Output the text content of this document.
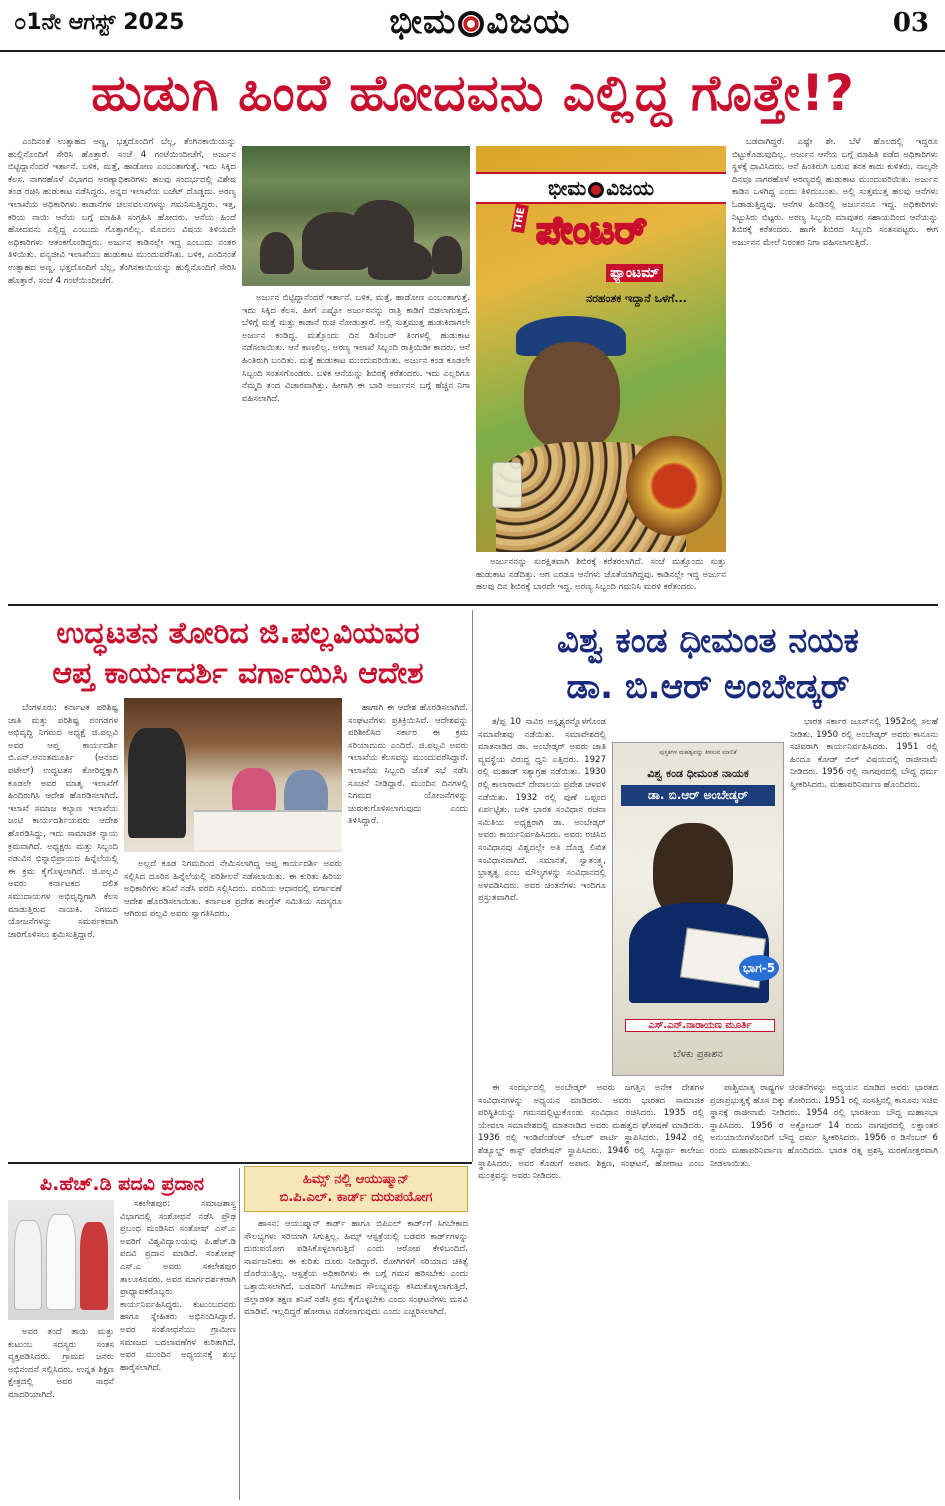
೦1ನೇ ಆಗಸ್ಟ್ 2025	ಭೀಮ ವಿಜಯ	03
ಹುಡುಗಿ ಹಿಂದೆ ಹೋದವನು ಎಲ್ಲಿದ್ದ ಗೊತ್ತೇ!?

ಎಂದಿನಂತೆ ಉತ್ಸಾಹದ ಅಣ್ಣ, ಭತ್ತದೊಂದಿಗೆ ಬೆಲ್ಲ, ತೆಂಗಿನಕಾಯಿಯನ್ನು ಹುಲ್ಲಿನೊಂದಿಗೆ ಸೇರಿಸಿ ಹೊತ್ತಾರೆ. ಸಂಜೆ 4 ಗಂಟೆಯಿಂದೀಚೆಗೆ, ಅರ್ಜುನ ಬಿಟ್ಟಿದ್ದಾನೆಂದರೆ ಇರ್ತಾನೆ. ಬಳಿಕ, ಮತ್ತೆ, ಹಾಡೋಣ ಎಂಬಂತಾಗುತ್ತೆ. ಇದು ಸಿಕ್ಕಿದ ಕೆಲಸ. ನಾಗರಹೊಳೆ ವಿಭಾಗದ ಅರಣ್ಯಾಧಿಕಾರಿಗಳು ಹಲವು ಸಂದರ್ಭದಲ್ಲಿ ವಿಶೇಷ ತಂಡ ರಚಿಸಿ ಹುಡುಕಾಟ ನಡೆಸಿದ್ದರು. ಅನ್ನದ ಇಲಾಖೆಯ ಬಜೆಟ್ ದೊಡ್ಡದು. ಅರಣ್ಯ ಇಲಾಖೆಯ ಅಧಿಕಾರಿಗಳು ಕಾಡಾನೆಗಳ ಚಲನವಲನಗಳನ್ನು ಗಮನಿಸುತ್ತಿದ್ದರು. ಇತ್ತ, ಕರಿಯ ನಾಯಿ ಆನೆಯ ಬಗ್ಗೆ ಮಾಹಿತಿ ಸಂಗ್ರಹಿಸಿ ಹೋದರು. ಆನೆಯ ಹಿಂದೆ ಹೋದವನು ಎಲ್ಲಿದ್ದ ಎಂಬುದು ಗೊತ್ತಾಗಲಿಲ್ಲ. ಮೊದಲು ವಿಷಯ ತಿಳಿಯದೇ ಅಧಿಕಾರಿಗಳು ಆತಂಕಗೊಂಡಿದ್ದರು. ಅರ್ಜುನ ಕಾಡಿನಲ್ಲೇ ಇದ್ದ ಎಂಬುದು ನಂತರ ತಿಳಿಯಿತು. ವನ್ಯಜೀವಿ ಇಲಾಖೆಯು ಹುಡುಕಾಟ ಮುಂದುವರೆಸಿತು. ಬಳಿಕ, ಎಂದಿನಂತೆ ಉತ್ಸಾಹದ ಅಣ್ಣ, ಭತ್ತದೊಂದಿಗೆ ಬೆಲ್ಲ, ತೆಂಗಿನಕಾಯಿಯನ್ನು ಹುಲ್ಲಿನೊಂದಿಗೆ ಸೇರಿಸಿ ಹೊತ್ತಾರೆ. ಸಂಜೆ 4 ಗಂಟೆಯಿಂದೀಚೆಗೆ.

ಅರ್ಜುನ ಬಿಟ್ಟಿದ್ದಾನೆಂದರೆ ಇರ್ತಾನೆ. ಬಳಿಕ, ಮತ್ತೆ, ಹಾಡೋಣ ಎಂಬಂತಾಗುತ್ತೆ. ಇದು ಸಿಕ್ಕಿದ ಕೆಲಸ. ಹೀಗೆ ಎಷ್ಟೋ ಅರ್ಜುನನನ್ನು ರಾತ್ರಿ ಕಾಡಿಗೆ ಬಿಡಲಾಗುತ್ತದೆ. ಬೆಳಿಗ್ಗೆ ಮತ್ತೆ ಮತ್ತು ಕಾಡಾನೆ ರುಚಿ ನೋಡುತ್ತಾರೆ. ಅಲ್ಲಿ ಸುತ್ತಮುತ್ತ ಹುಡುಕಿದಾಗಲೇ ಅರ್ಜುನ ಕಂಡಿದ್ದ. ಮತ್ತೊಂದು ದಿನ ಡಿಸೆಂಬರ್ ತಿಂಗಳಲ್ಲಿ ಹುಡುಕಾಟ ನಡೆಸಲಾಯಿತು. ಆನೆ ಕಾಣಲಿಲ್ಲ. ಅರಣ್ಯ ಇಲಾಖೆ ಸಿಬ್ಬಂದಿ ರಾತ್ರಿಯಿಡೀ ಕಾದರು. ಆನೆ ಹಿಂತಿರುಗಿ ಬಂದಿತು. ಮತ್ತೆ ಹುಡುಕಾಟ ಮುಂದುವರಿಯಿತು. ಅರ್ಜುನ ಕಂಡ ಕೂಡಲೇ ಸಿಬ್ಬಂದಿ ಸಂತಸಗೊಂಡರು. ಬಳಿಕ ಆನೆಯನ್ನು ಶಿಬಿರಕ್ಕೆ ಕರೆತಂದರು. ಇದು ಎಲ್ಲರಿಗೂ ನೆಮ್ಮದಿ ತಂದ ವಿಚಾರವಾಗಿತ್ತು. ಹೀಗಾಗಿ ಈ ಬಾರಿ ಅರ್ಜುನನ ಬಗ್ಗೆ ಹೆಚ್ಚಿನ ನಿಗಾ ವಹಿಸಲಾಗಿದೆ.

ಭೀಮ ವಿಜಯ
THE ಪೇಂಟರ್
ಫ್ಯಾಂಟಮ್
ನರಹಂತಕ ಇದ್ದಾನೆ ಒಳಗೆ...

ಅರ್ಜುನನನ್ನು ಸುರಕ್ಷಿತವಾಗಿ ಶಿಬಿರಕ್ಕೆ ಕರೆತರಲಾಗಿದೆ. ಸಂಜೆ ಮತ್ತೊಂದು ಸುತ್ತು ಹುಡುಕಾಟ ನಡೆದಿತ್ತು. ಆಗ ಎರಡೂ ಆನೆಗಳು ಜೊತೆಯಾಗಿದ್ದವು. ಕಾಡಿನಲ್ಲೇ ಇದ್ದ ಅರ್ಜುನ ಹಲವು ದಿನ ಶಿಬಿರಕ್ಕೆ ಬಾರದೇ ಇದ್ದ. ಅರಣ್ಯ ಸಿಬ್ಬಂದಿ ಗಮನಿಸಿ ಮರಳಿ ಕರೆತಂದರು.

ಬಡವಾಗಿದ್ದರೆ. ಎಷ್ಟೇ ಶೇ. ಬೆಳೆ ಹೊಲದಲ್ಲಿ ಇದ್ದರೂ ಬಿಟ್ಟುಕೊಡುವುದಿಲ್ಲ. ಅರ್ಜುನ ಆನೆಯ ಬಗ್ಗೆ ಮಾಹಿತಿ ಪಡೆದ ಅಧಿಕಾರಿಗಳು ಸ್ಥಳಕ್ಕೆ ಧಾವಿಸಿದರು. ಆನೆ ಹಿಂತಿರುಗಿ ಬರುವ ತನಕ ಕಾದು ಕುಳಿತರು. ನಾಲ್ಕನೇ ದಿನವೂ ನಾಗರಹೊಳೆ ಅರಣ್ಯದಲ್ಲಿ ಹುಡುಕಾಟ ಮುಂದುವರಿಯಿತು. ಅರ್ಜುನ ಕಾಡಿನ ಒಳಗಿದ್ದ ಎಂದು ತಿಳಿದುಬಂತು. ಅಲ್ಲಿ ಸುತ್ತಮುತ್ತ ಹಲವು ಆನೆಗಳು ಓಡಾಡುತ್ತಿದ್ದವು. ಆನೆಗಳ ಹಿಂಡಿನಲ್ಲಿ ಅರ್ಜುನನೂ ಇದ್ದ. ಅಧಿಕಾರಿಗಳು ನಿಟ್ಟುಸಿರು ಬಿಟ್ಟರು. ಅರಣ್ಯ ಸಿಬ್ಬಂದಿ ಮಾವುತರ ಸಹಾಯದಿಂದ ಆನೆಯನ್ನು ಶಿಬಿರಕ್ಕೆ ಕರೆತಂದರು. ಹಾಗೇ ಶಿಬಿರದ ಸಿಬ್ಬಂದಿ ಸಂತಸಪಟ್ಟರು. ಈಗ ಅರ್ಜುನನ ಮೇಲೆ ನಿರಂತರ ನಿಗಾ ವಹಿಸಲಾಗುತ್ತಿದೆ.

ಉದ್ಧಟತನ ತೋರಿದ ಜಿ.ಪಲ್ಲವಿಯವರ
ಆಪ್ತ ಕಾರ್ಯದರ್ಶಿ ವರ್ಗಾಯಿಸಿ ಆದೇಶ

ಬೆಂಗಳೂರು: ಕರ್ನಾಟಕ ಪರಿಶಿಷ್ಟ ಜಾತಿ ಮತ್ತು ಪರಿಶಿಷ್ಟ ಪಂಗಡಗಳ ಅಭಿವೃದ್ಧಿ ನಿಗಮದ ಅಧ್ಯಕ್ಷೆ ಜಿ.ಪಲ್ಲವಿ ಅವರ ಆಪ್ತ ಕಾರ್ಯದರ್ಶಿ ಬಿ.ಎನ್.ಅನಂತಮೂರ್ತಿ (ಆನಂದ ಪಟೇಲ್) ಉದ್ಧಟತನ ತೋರಿದ್ದಕ್ಕಾಗಿ ಕೂಡಲೇ ಅವರ ಮಾತೃ ಇಲಾಖೆಗೆ ಹಿಂದಿರುಗಿಸಿ ಆದೇಶ ಹೊರಡಿಸಲಾಗಿದೆ. ಇಲಾಖೆ ಸಮಾಜ ಕಲ್ಯಾಣ ಇಲಾಖೆಯ ಜಂಟಿ ಕಾರ್ಯದರ್ಶಿಯವರು ಆದೇಶ ಹೊರಡಿಸಿದ್ದು, ಇದು ಸಾಮಾಜಿಕ ನ್ಯಾಯ ಕ್ರಮವಾಗಿದೆ. ಅಧ್ಯಕ್ಷರು ಮತ್ತು ಸಿಬ್ಬಂದಿ ನಡುವಿನ ಭಿನ್ನಾಭಿಪ್ರಾಯದ ಹಿನ್ನೆಲೆಯಲ್ಲಿ ಈ ಕ್ರಮ ಕೈಗೊಳ್ಳಲಾಗಿದೆ. ಜಿ.ಪಲ್ಲವಿ ಅವರು ಕರ್ನಾಟಕದ ದಲಿತ ಸಮುದಾಯಗಳ ಅಭಿವೃದ್ಧಿಗಾಗಿ ಕೆಲಸ ಮಾಡುತ್ತಿರುವ ನಾಯಕಿ. ನಿಗಮದ ಯೋಜನೆಗಳನ್ನು ಸಮರ್ಪಕವಾಗಿ ಜಾರಿಗೊಳಿಸಲು ಶ್ರಮಿಸುತ್ತಿದ್ದಾರೆ.

ಅಲ್ಲದೆ ಕೂಡ ನಿಗಮದಿಂದ ನೇಮಿಸಲಾಗಿದ್ದ ಆಪ್ತ ಕಾರ್ಯದರ್ಶಿ ಅವರು ಸಲ್ಲಿಸಿದ ದೂರಿನ ಹಿನ್ನೆಲೆಯಲ್ಲಿ ಪರಿಶೀಲನೆ ನಡೆಸಲಾಯಿತು. ಈ ಕುರಿತು ಹಿರಿಯ ಅಧಿಕಾರಿಗಳು ತನಿಖೆ ನಡೆಸಿ ವರದಿ ಸಲ್ಲಿಸಿದರು. ವರದಿಯ ಆಧಾರದಲ್ಲಿ ವರ್ಗಾವಣೆ ಆದೇಶ ಹೊರಡಿಸಲಾಯಿತು. ಕರ್ನಾಟಕ ಪ್ರದೇಶ ಕಾಂಗ್ರೆಸ್ ಸಮಿತಿಯ ಸದಸ್ಯರೂ ಆಗಿರುವ ಪಲ್ಲವಿ ಅವರು ಸ್ವಾಗತಿಸಿದರು.

ಹಾಗಾಗಿ ಈ ಆದೇಶ ಹೊರಡಿಸಲಾಗಿದೆ. ಸಂಘಟನೆಗಳು ಪ್ರತಿಕ್ರಿಯಿಸಿವೆ. ಆದೇಶವನ್ನು ಪರಿಶೀಲಿಸಿದ ಸರ್ಕಾರ ಈ ಕ್ರಮ ಸರಿಯಾದುದು ಎಂದಿದೆ. ಜಿ.ಪಲ್ಲವಿ ಅವರು ಇಲಾಖೆಯ ಕೆಲಸವನ್ನು ಮುಂದುವರೆಸಿದ್ದಾರೆ. ಇಲಾಖೆಯ ಸಿಬ್ಬಂದಿ ಜೊತೆ ಸಭೆ ನಡೆಸಿ ಸೂಚನೆ ನೀಡಿದ್ದಾರೆ. ಮುಂದಿನ ದಿನಗಳಲ್ಲಿ ನಿಗಮದ ಯೋಜನೆಗಳನ್ನು ಚುರುಕುಗೊಳಿಸಲಾಗುವುದು ಎಂದು ತಿಳಿಸಿದ್ದಾರೆ.

ವಿಶ್ವ ಕಂಡ ಧೀಮಂತ ನಯಕ
ಡಾ. ಬಿ.ಆರ್ ಅಂಬೇಡ್ಕರ್

ತ/ಪ್ಪ 10 ಸಾವಿರ ಅಸ್ಪೃಶ್ಯರನ್ನೊಳಗೊಂಡ ಸಮಾವೇಶವು ನಡೆಯಿತು. ಸಮಾವೇಶದಲ್ಲಿ ಮಾತನಾಡಿದ ಡಾ. ಅಂಬೇಡ್ಕರ್ ಅವರು ಜಾತಿ ವ್ಯವಸ್ಥೆಯ ವಿರುದ್ಧ ಧ್ವನಿ ಎತ್ತಿದರು. 1927 ರಲ್ಲಿ ಮಹಾಡ್ ಸತ್ಯಾಗ್ರಹ ನಡೆಯಿತು. 1930 ರಲ್ಲಿ ಕಾಲಾರಾಮ್ ದೇವಾಲಯ ಪ್ರವೇಶ ಚಳವಳಿ ನಡೆಯಿತು. 1932 ರಲ್ಲಿ ಪುಣೆ ಒಪ್ಪಂದ ಏರ್ಪಟ್ಟಿತು. ಬಳಿಕ ಭಾರತ ಸಂವಿಧಾನ ರಚನಾ ಸಮಿತಿಯ ಅಧ್ಯಕ್ಷರಾಗಿ ಡಾ. ಅಂಬೇಡ್ಕರ್ ಅವರು ಕಾರ್ಯನಿರ್ವಹಿಸಿದರು. ಅವರು ರಚಿಸಿದ ಸಂವಿಧಾನವು ವಿಶ್ವದಲ್ಲೇ ಅತಿ ದೊಡ್ಡ ಲಿಖಿತ ಸಂವಿಧಾನವಾಗಿದೆ. ಸಮಾನತೆ, ಸ್ವಾತಂತ್ರ್ಯ, ಭ್ರಾತೃತ್ವ ಎಂಬ ಮೌಲ್ಯಗಳನ್ನು ಸಂವಿಧಾನದಲ್ಲಿ ಅಳವಡಿಸಿದರು. ಅವರ ಚಿಂತನೆಗಳು ಇಂದಿಗೂ ಪ್ರಸ್ತುತವಾಗಿವೆ.

ಪುಸ್ತಕಗಳ ಮಹತ್ವವನ್ನು ತಿಳಿಸುವ ಮಾಲಿಕೆ
ವಿಶ್ವ ಕಂಡ ಧೀಮಂತ ನಾಯಕ
ಡಾ. ಬಿ.ಆರ್ ಅಂಬೇಡ್ಕರ್
ಭಾಗ-5
ಎಸ್.ಎನ್.ನಾರಾಯಣ ಮೂರ್ತಿ
ಬೆಳಕು ಪ್ರಕಾಶನ

ಭಾರತ ಸರ್ಕಾರ ಜೂನ್‌ನಲ್ಲಿ 1952ರಲ್ಲಿ ಸಲಹೆ ನೀಡಿತು. 1950 ರಲ್ಲಿ ಅಂಬೇಡ್ಕರ್ ಅವರು ಕಾನೂನು ಸಚಿವರಾಗಿ ಕಾರ್ಯನಿರ್ವಹಿಸಿದರು. 1951 ರಲ್ಲಿ ಹಿಂದೂ ಕೋಡ್ ಬಿಲ್ ವಿಷಯದಲ್ಲಿ ರಾಜೀನಾಮೆ ನೀಡಿದರು. 1956 ರಲ್ಲಿ ನಾಗಪುರದಲ್ಲಿ ಬೌದ್ಧ ಧರ್ಮ ಸ್ವೀಕರಿಸಿದರು. ಮಹಾಪರಿನಿರ್ವಾಣ ಹೊಂದಿದರು.

ಈ ಸಂದರ್ಭದಲ್ಲಿ ಅಂಬೇಡ್ಕರ್ ಅವರು ಜಗತ್ತಿನ ಅನೇಕ ದೇಶಗಳ ಸಂವಿಧಾನಗಳನ್ನು ಅಧ್ಯಯನ ಮಾಡಿದರು. ಅವರು ಭಾರತದ ಸಾಮಾಜಿಕ ಪರಿಸ್ಥಿತಿಯನ್ನು ಗಮನದಲ್ಲಿಟ್ಟುಕೊಂಡು ಸಂವಿಧಾನ ರಚಿಸಿದರು. 1935 ರಲ್ಲಿ ಯೇವಲಾ ಸಮಾವೇಶದಲ್ಲಿ ಮಾತನಾಡಿದ ಅವರು ಮಹತ್ವದ ಘೋಷಣೆ ಮಾಡಿದರು. 1936 ರಲ್ಲಿ ಇಂಡಿಪೆಂಡೆಂಟ್ ಲೇಬರ್ ಪಾರ್ಟಿ ಸ್ಥಾಪಿಸಿದರು. 1942 ರಲ್ಲಿ ಶೆಡ್ಯೂಲ್ಡ್ ಕಾಸ್ಟ್ ಫೆಡರೇಷನ್ ಸ್ಥಾಪಿಸಿದರು. 1946 ರಲ್ಲಿ ಸಿದ್ಧಾರ್ಥ ಕಾಲೇಜು ಸ್ಥಾಪಿಸಿದರು. ಅವರ ಕೊಡುಗೆ ಅಪಾರ. ಶಿಕ್ಷಣ, ಸಂಘಟನೆ, ಹೋರಾಟ ಎಂಬ ಮಂತ್ರವನ್ನು ಅವರು ನೀಡಿದರು.

ಪಾಶ್ಚಿಮಾತ್ಯ ರಾಷ್ಟ್ರಗಳ ಚಿಂತನೆಗಳನ್ನು ಅಧ್ಯಯನ ಮಾಡಿದ ಅವರು ಭಾರತದ ಪ್ರಜಾಪ್ರಭುತ್ವಕ್ಕೆ ಹೊಸ ದಿಕ್ಕು ತೋರಿದರು. 1951 ರಲ್ಲಿ ಸಂಸತ್ತಿನಲ್ಲಿ ಕಾನೂನು ಸಚಿವ ಸ್ಥಾನಕ್ಕೆ ರಾಜೀನಾಮೆ ನೀಡಿದರು. 1954 ರಲ್ಲಿ ಭಾರತೀಯ ಬೌದ್ಧ ಮಹಾಸಭಾ ಸ್ಥಾಪಿಸಿದರು. 1956 ರ ಅಕ್ಟೋಬರ್ 14 ರಂದು ನಾಗಪುರದಲ್ಲಿ ಲಕ್ಷಾಂತರ ಅನುಯಾಯಿಗಳೊಂದಿಗೆ ಬೌದ್ಧ ಧರ್ಮ ಸ್ವೀಕರಿಸಿದರು. 1956 ರ ಡಿಸೆಂಬರ್ 6 ರಂದು ಮಹಾಪರಿನಿರ್ವಾಣ ಹೊಂದಿದರು. ಭಾರತ ರತ್ನ ಪ್ರಶಸ್ತಿ ಮರಣೋತ್ತರವಾಗಿ ನೀಡಲಾಯಿತು.

ಪಿ.ಹೆಚ್.ಡಿ ಪದವಿ ಪ್ರದಾನ

ಸಕಲೇಶಪುರ: ಸಮಾಜಶಾಸ್ತ್ರ ವಿಭಾಗದಲ್ಲಿ ಸಂಶೋಧನೆ ನಡೆಸಿ ಪ್ರೌಢ ಪ್ರಬಂಧ ಮಂಡಿಸಿದ ಸಂತೋಷ್ ಎಸ್.ಎ ಅವರಿಗೆ ವಿಶ್ವವಿದ್ಯಾಲಯವು ಪಿ.ಹೆಚ್.ಡಿ ಪದವಿ ಪ್ರದಾನ ಮಾಡಿದೆ. ಸಂತೋಷ್ ಎಸ್.ಎ ಅವರು ಸಕಲೇಶಪುರ ತಾಲೂಕಿನವರು. ಅವರ ಮಾರ್ಗದರ್ಶಕರಾಗಿ ಪ್ರಾಧ್ಯಾಪಕರೊಬ್ಬರು ಕಾರ್ಯನಿರ್ವಹಿಸಿದ್ದರು. ಕುಟುಂಬದವರು ಹಾಗೂ ಸ್ನೇಹಿತರು ಅಭಿನಂದಿಸಿದ್ದಾರೆ. ಅವರ ಸಂಶೋಧನೆಯು ಗ್ರಾಮೀಣ ಸಮಾಜದ ಬದಲಾವಣೆಗಳ ಕುರಿತಾಗಿದೆ. ಅವರ ಮುಂದಿನ ಅಧ್ಯಯನಕ್ಕೆ ಶುಭ ಹಾರೈಸಲಾಗಿದೆ.

ಅವರ ತಂದೆ ತಾಯಿ ಮತ್ತು ಕುಟುಂಬ ಸದಸ್ಯರು ಸಂತಸ ವ್ಯಕ್ತಪಡಿಸಿದರು. ಗ್ರಾಮದ ಜನರು ಅಭಿನಂದನೆ ಸಲ್ಲಿಸಿದರು. ಉನ್ನತ ಶಿಕ್ಷಣ ಕ್ಷೇತ್ರದಲ್ಲಿ ಅವರ ಸಾಧನೆ ಮಾದರಿಯಾಗಿದೆ.

ಹಿಮ್ಸ್ ನಲ್ಲಿ ಆಯುಷ್ಮಾನ್
ಬಿ.ಪಿ.ಎಲ್. ಕಾರ್ಡ್ ದುರುಪಯೋಗ

ಹಾಸನ: ಆಯುಷ್ಮಾನ್ ಕಾರ್ಡ್ ಹಾಗೂ ಬಿಪಿಎಲ್ ಕಾರ್ಡ್‌ಗೆ ಸಿಗಬೇಕಾದ ಸೌಲಭ್ಯಗಳು ಸರಿಯಾಗಿ ಸಿಗುತ್ತಿಲ್ಲ. ಹಿಮ್ಸ್ ಆಸ್ಪತ್ರೆಯಲ್ಲಿ ಬಡವರ ಕಾರ್ಡ್‌ಗಳನ್ನು ದುರುಪಯೋಗ ಪಡಿಸಿಕೊಳ್ಳಲಾಗುತ್ತಿದೆ ಎಂದು ಆರೋಪ ಕೇಳಿಬಂದಿದೆ. ಸಾರ್ವಜನಿಕರು ಈ ಕುರಿತು ದೂರು ನೀಡಿದ್ದಾರೆ. ರೋಗಿಗಳಿಗೆ ಸರಿಯಾದ ಚಿಕಿತ್ಸೆ ದೊರೆಯುತ್ತಿಲ್ಲ. ಆಸ್ಪತ್ರೆಯ ಅಧಿಕಾರಿಗಳು ಈ ಬಗ್ಗೆ ಗಮನ ಹರಿಸಬೇಕು ಎಂದು ಒತ್ತಾಯಿಸಲಾಗಿದೆ. ಬಡವರಿಗೆ ಸಿಗಬೇಕಾದ ಸೌಲಭ್ಯವನ್ನು ಕಸಿದುಕೊಳ್ಳಲಾಗುತ್ತಿದೆ. ಜಿಲ್ಲಾಡಳಿತ ತಕ್ಷಣ ತನಿಖೆ ನಡೆಸಿ ಕ್ರಮ ಕೈಗೊಳ್ಳಬೇಕು ಎಂದು ಸಂಘಟನೆಗಳು ಮನವಿ ಮಾಡಿವೆ. ಇಲ್ಲದಿದ್ದರೆ ಹೋರಾಟ ನಡೆಸಲಾಗುವುದು ಎಂದು ಎಚ್ಚರಿಸಲಾಗಿದೆ.
